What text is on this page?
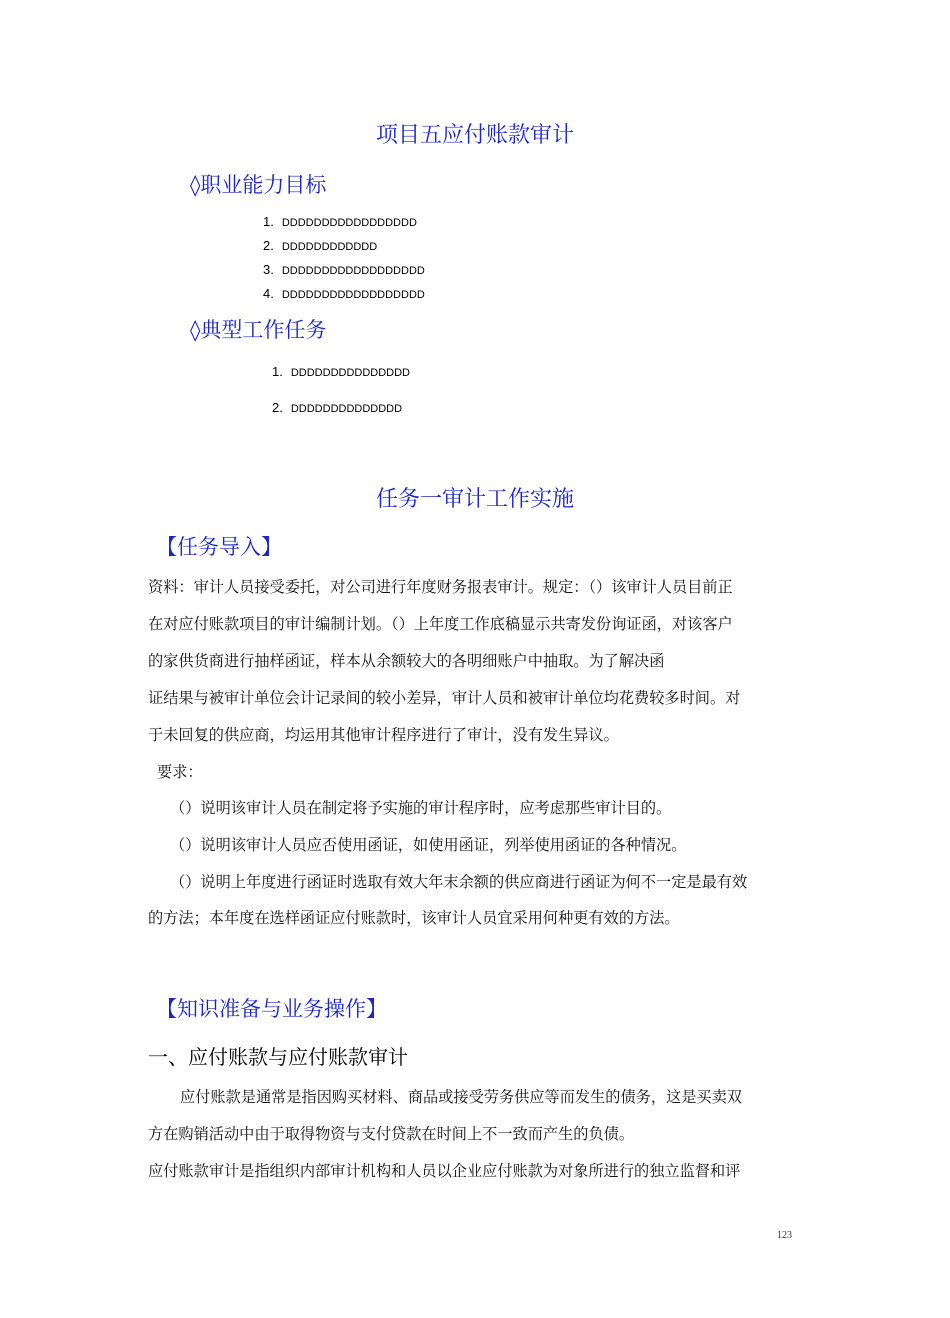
项目五应付账款审计
◊职业能力目标
1. DDDDDDDDDDDDDDDDD
2. DDDDDDDDDDDD
3. DDDDDDDDDDDDDDDDDD
4. DDDDDDDDDDDDDDDDDD
◊典型工作任务
1. DDDDDDDDDDDDDDD
2. DDDDDDDDDDDDDD
任务一审计工作实施
【任务导入】
资料：审计人员接受委托，对公司进行年度财务报表审计。规定：（）该审计人员目前正
在对应付账款项目的审计编制计划。（）上年度工作底稿显示共寄发份询证函，对该客户
的家供货商进行抽样函证，样本从余额较大的各明细账户中抽取。为了解决函
证结果与被审计单位会计记录间的较小差异，审计人员和被审计单位均花费较多时间。对
于未回复的供应商，均运用其他审计程序进行了审计，没有发生异议。
要求：
（）说明该审计人员在制定将予实施的审计程序时，应考虑那些审计目的。
（）说明该审计人员应否使用函证，如使用函证，列举使用函证的各种情况。
（）说明上年度进行函证时选取有效大年末余额的供应商进行函证为何不一定是最有效
的方法；本年度在选样函证应付账款时，该审计人员宜采用何种更有效的方法。
【知识准备与业务操作】
一、应付账款与应付账款审计
应付账款是通常是指因购买材料、商品或接受劳务供应等而发生的债务，这是买卖双
方在购销活动中由于取得物资与支付贷款在时间上不一致而产生的负债。
应付账款审计是指组织内部审计机构和人员以企业应付账款为对象所进行的独立监督和评
123
